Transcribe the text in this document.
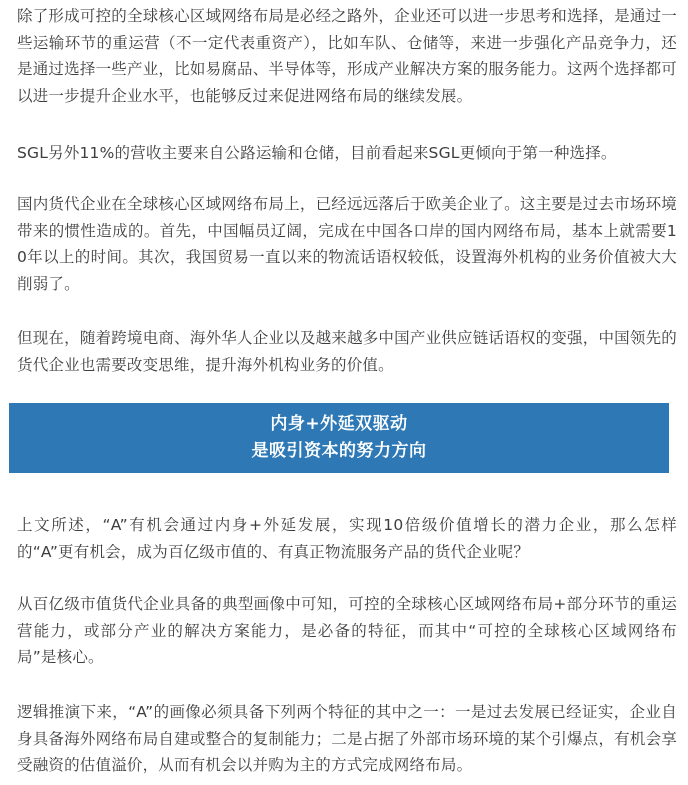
除了形成可控的全球核心区域网络布局是必经之路外，企业还可以进一步思考和选择，是通过一些运输环节的重运营（不一定代表重资产），比如车队、仓储等，来进一步强化产品竞争力，还是通过选择一些产业，比如易腐品、半导体等，形成产业解决方案的服务能力。这两个选择都可以进一步提升企业水平，也能够反过来促进网络布局的继续发展。

SGL另外11%的营收主要来自公路运输和仓储，目前看起来SGL更倾向于第一种选择。

国内货代企业在全球核心区域网络布局上，已经远远落后于欧美企业了。这主要是过去市场环境带来的惯性造成的。首先，中国幅员辽阔，完成在中国各口岸的国内网络布局，基本上就需要10年以上的时间。其次，我国贸易一直以来的物流话语权较低，设置海外机构的业务价值被大大削弱了。

但现在，随着跨境电商、海外华人企业以及越来越多中国产业供应链话语权的变强，中国领先的货代企业也需要改变思维，提升海外机构业务的价值。

上文所述，“A”有机会通过内身+外延发展，实现10倍级价值增长的潜力企业，那么怎样的“A”更有机会，成为百亿级市值的、有真正物流服务产品的货代企业呢？

从百亿级市值货代企业具备的典型画像中可知，可控的全球核心区域网络布局+部分环节的重运营能力，或部分产业的解决方案能力，是必备的特征，而其中“可控的全球核心区域网络布局”是核心。

逻辑推演下来，“A”的画像必须具备下列两个特征的其中之一：一是过去发展已经证实，企业自身具备海外网络布局自建或整合的复制能力；二是占据了外部市场环境的某个引爆点，有机会享受融资的估值溢价，从而有机会以并购为主的方式完成网络布局。

内身+外延双驱动
是吸引资本的努力方向
